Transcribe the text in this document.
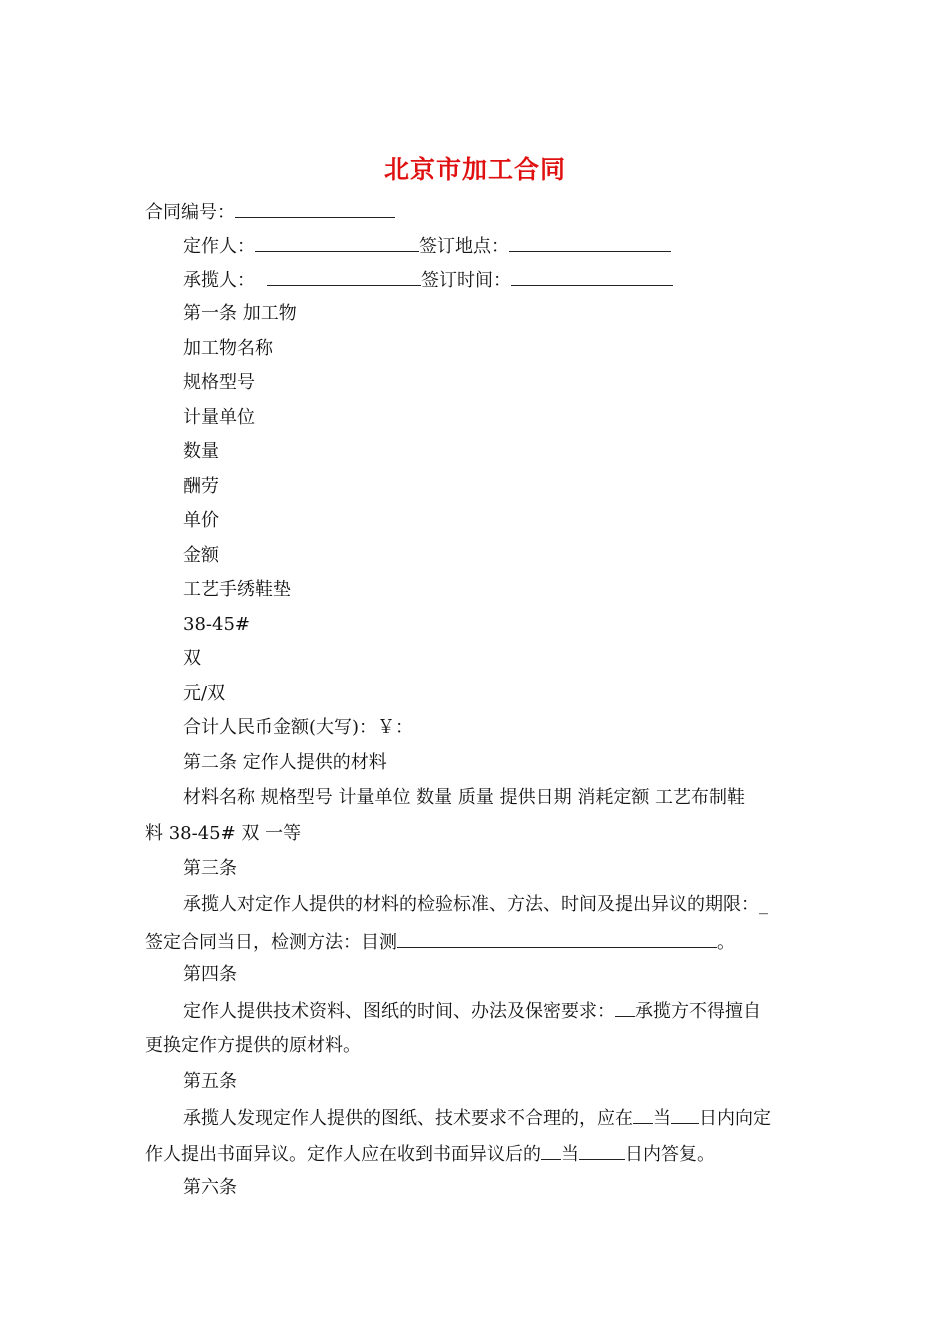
北京市加工合同
合同编号：
定作人：	签订地点：
承揽人：	签订时间：
第一条 加工物
加工物名称
规格型号
计量单位
数量
酬劳
单价
金额
工艺手绣鞋垫
38-45#
双
元/双
合计人民币金额(大写)：￥：
第二条 定作人提供的材料
材料名称 规格型号 计量单位 数量 质量 提供日期 消耗定额 工艺布制鞋
料 38-45# 双 一等
第三条
承揽人对定作人提供的材料的检验标准、方法、时间及提出异议的期限：_
签定合同当日，检测方法：目测	。
第四条
定作人提供技术资料、图纸的时间、办法及保密要求： 承揽方不得擅自
更换定作方提供的原材料。
第五条
承揽人发现定作人提供的图纸、技术要求不合理的，应在 当 日内向定
作人提出书面异议。定作人应在收到书面异议后的 当	日内答复。
第六条
